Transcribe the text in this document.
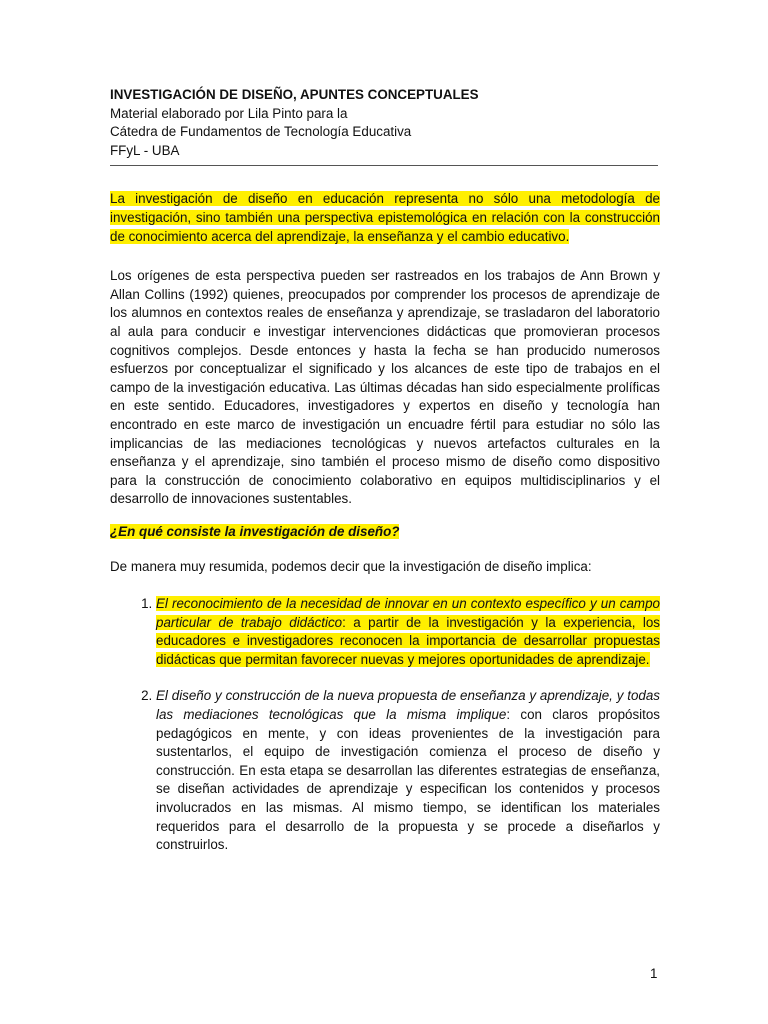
INVESTIGACIÓN DE DISEÑO, APUNTES CONCEPTUALES

Material elaborado por Lila Pinto para la

Cátedra de Fundamentos de Tecnología Educativa

FFyL - UBA

La investigación de diseño en educación representa no sólo una metodología de investigación, sino también una perspectiva epistemológica en relación con la construcción de conocimiento acerca del aprendizaje, la enseñanza y el cambio educativo.

Los orígenes de esta perspectiva pueden ser rastreados en los trabajos de Ann Brown y Allan Collins (1992) quienes, preocupados por comprender los procesos de aprendizaje de los alumnos en contextos reales de enseñanza y aprendizaje, se trasladaron del laboratorio al aula para conducir e investigar intervenciones didácticas que promovieran procesos cognitivos complejos. Desde entonces y hasta la fecha se han producido numerosos esfuerzos por conceptualizar el significado y los alcances de este tipo de trabajos en el campo de la investigación educativa. Las últimas décadas han sido especialmente prolíficas en este sentido. Educadores, investigadores y expertos en diseño y tecnología han encontrado en este marco de investigación un encuadre fértil para estudiar no sólo las implicancias de las mediaciones tecnológicas y nuevos artefactos culturales en la enseñanza y el aprendizaje, sino también el proceso mismo de diseño como dispositivo para la construcción de conocimiento colaborativo en equipos multidisciplinarios y el desarrollo de innovaciones sustentables.

¿En qué consiste la investigación de diseño?

De manera muy resumida, podemos decir que la investigación de diseño implica:

1. El reconocimiento de la necesidad de innovar en un contexto específico y un campo particular de trabajo didáctico: a partir de la investigación y la experiencia, los educadores e investigadores reconocen la importancia de desarrollar propuestas didácticas que permitan favorecer nuevas y mejores oportunidades de aprendizaje.
2. El diseño y construcción de la nueva propuesta de enseñanza y aprendizaje, y todas las mediaciones tecnológicas que la misma implique: con claros propósitos pedagógicos en mente, y con ideas provenientes de la investigación para sustentarlos, el equipo de investigación comienza el proceso de diseño y construcción. En esta etapa se desarrollan las diferentes estrategias de enseñanza, se diseñan actividades de aprendizaje y especifican los contenidos y procesos involucrados en las mismas. Al mismo tiempo, se identifican los materiales requeridos para el desarrollo de la propuesta y se procede a diseñarlos y construirlos.
1
